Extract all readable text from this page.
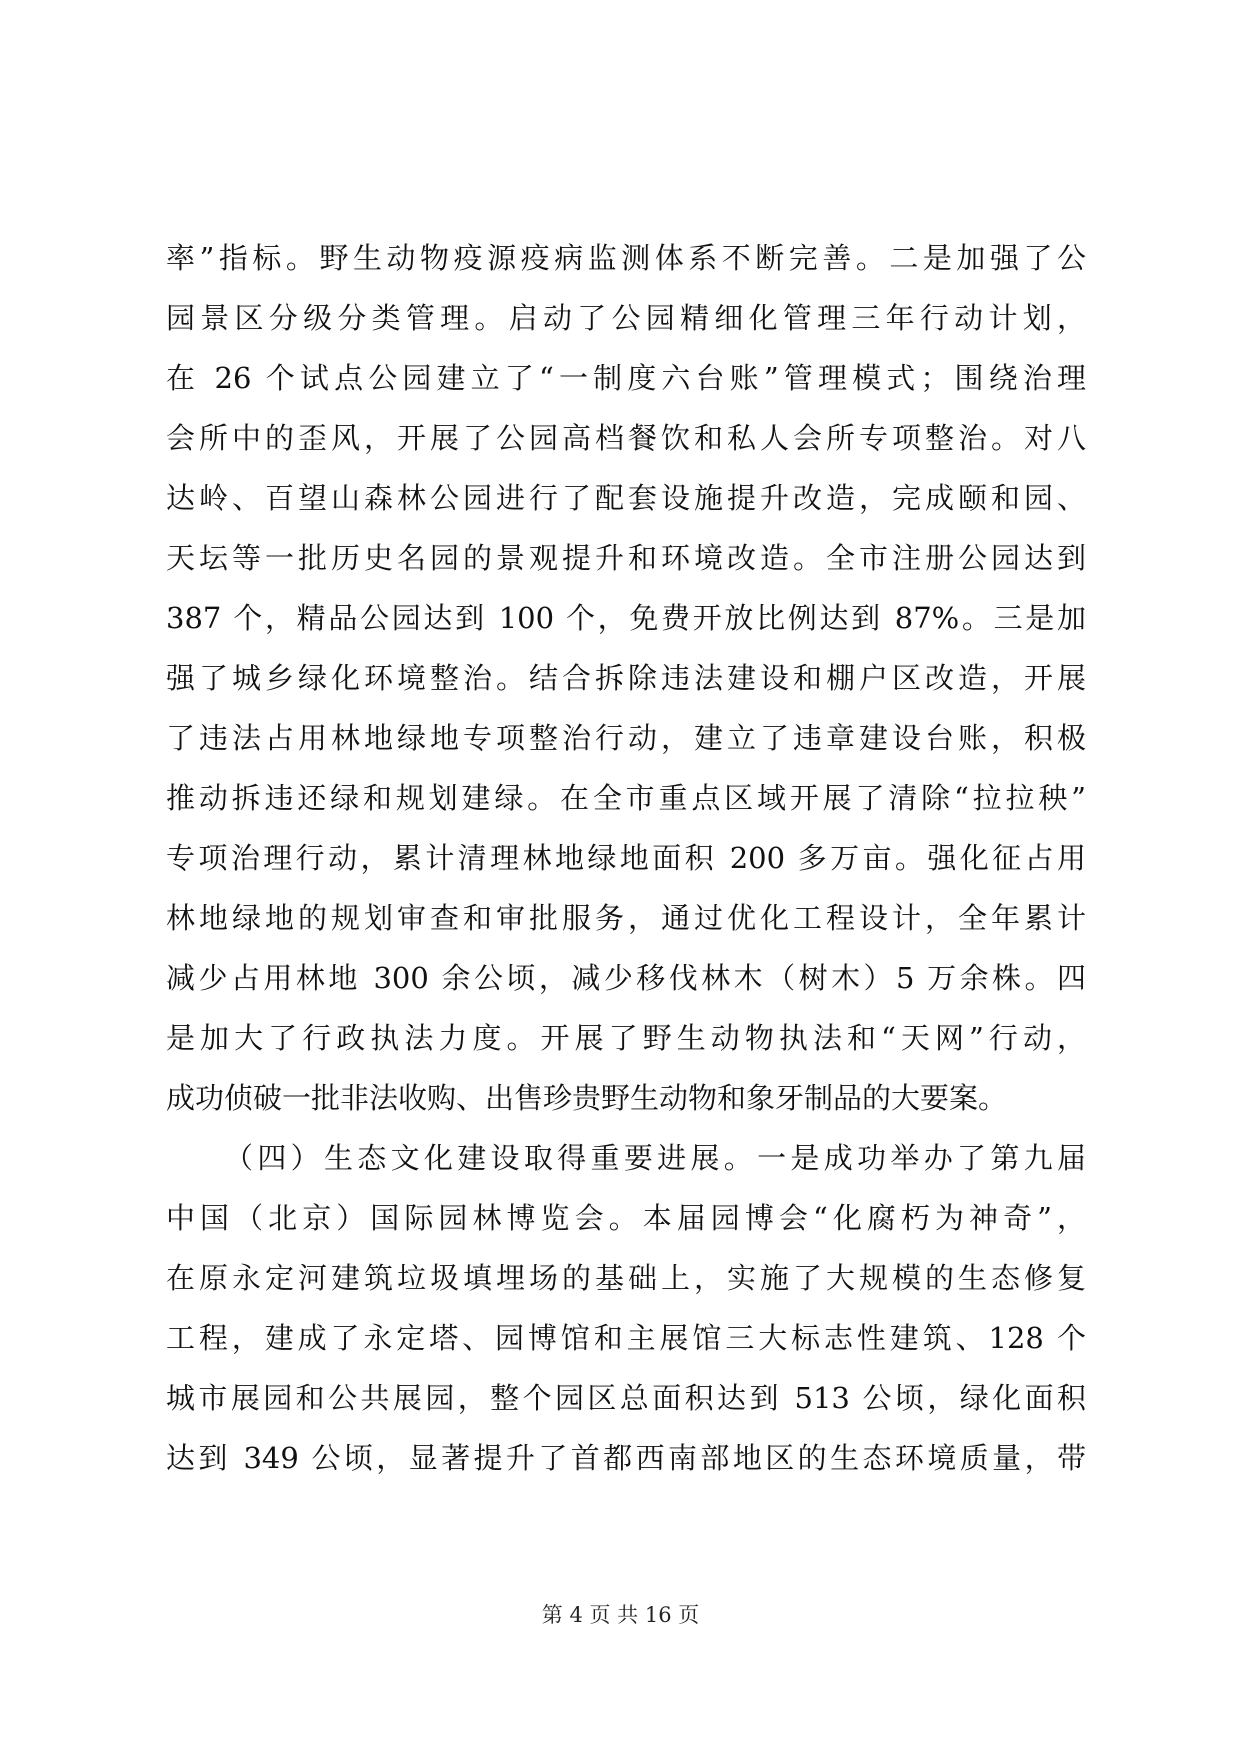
率”指标。野生动物疫源疫病监测体系不断完善。二是加强了公
园景区分级分类管理。启动了公园精细化管理三年行动计划，
在 26 个试点公园建立了“一制度六台账”管理模式；围绕治理
会所中的歪风，开展了公园高档餐饮和私人会所专项整治。对八
达岭、百望山森林公园进行了配套设施提升改造，完成颐和园、
天坛等一批历史名园的景观提升和环境改造。全市注册公园达到
387 个，精品公园达到 100 个，免费开放比例达到 87%。三是加
强了城乡绿化环境整治。结合拆除违法建设和棚户区改造，开展
了违法占用林地绿地专项整治行动，建立了违章建设台账，积极
推动拆违还绿和规划建绿。在全市重点区域开展了清除“拉拉秧”
专项治理行动，累计清理林地绿地面积 200 多万亩。强化征占用
林地绿地的规划审查和审批服务，通过优化工程设计，全年累计
减少占用林地 300 余公顷，减少移伐林木（树木）5 万余株。四
是加大了行政执法力度。开展了野生动物执法和“天网”行动，
成功侦破一批非法收购、出售珍贵野生动物和象牙制品的大要案。
（四）生态文化建设取得重要进展。一是成功举办了第九届
中国（北京）国际园林博览会。本届园博会“化腐朽为神奇”，
在原永定河建筑垃圾填埋场的基础上，实施了大规模的生态修复
工程，建成了永定塔、园博馆和主展馆三大标志性建筑、128 个
城市展园和公共展园，整个园区总面积达到 513 公顷，绿化面积
达到 349 公顷，显著提升了首都西南部地区的生态环境质量，带
第 4 页 共 16 页
